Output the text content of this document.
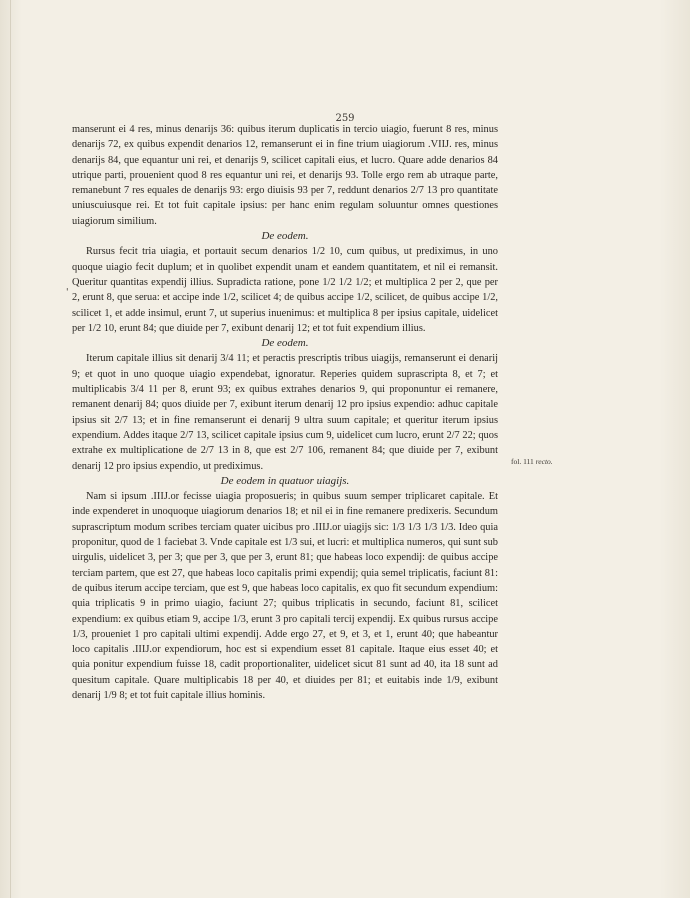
259
'

manserunt ei 4 res, minus denarijs 36: quibus iterum duplicatis in tercio uiagio, fuerunt 8 res, minus denarijs 72, ex quibus expendit denarios 12, remanserunt ei in fine trium uiagiorum .VIIJ. res, minus denarijs 84, que equantur uni rei, et denarijs 9, scilicet capitali eius, et lucro. Quare adde denarios 84 utrique parti, prouenient quod 8 res equantur uni rei, et denarijs 93. Tolle ergo rem ab utraque parte, remanebunt 7 res equales de denarijs 93: ergo diuisis 93 per 7, reddunt denarios 2/7 13 pro quantitate uniuscuiusque rei. Et tot fuit capitale ipsius: per hanc enim regulam soluuntur omnes questiones uiagiorum similium.

De eodem.

Rursus fecit tria uiagia, et portauit secum denarios 1/2 10, cum quibus, ut prediximus, in uno quoque uiagio fecit duplum; et in quolibet expendit unam et eandem quantitatem, et nil ei remansit. Queritur quantitas expendij illius. Supradicta ratione, pone 1/2 1/2 1/2; et multiplica 2 per 2, que per 2, erunt 8, que serua: et accipe inde 1/2, scilicet 4; de quibus accipe 1/2, scilicet, de quibus accipe 1/2, scilicet 1, et adde insimul, erunt 7, ut superius inuenimus: et multiplica 8 per ipsius capitale, uidelicet per 1/2 10, erunt 84; que diuide per 7, exibunt denarij 12; et tot fuit expendium illius.

De eodem.

Iterum capitale illius sit denarij 3/4 11; et peractis prescriptis tribus uiagijs, remanserunt ei denarij 9; et quot in uno quoque uiagio expendebat, ignoratur. Reperies quidem suprascripta 8, et 7; et multiplicabis 3/4 11 per 8, erunt 93; ex quibus extrahes denarios 9, qui proponuntur ei remanere, remanent denarij 84; quos diuide per 7, exibunt iterum denarij 12 pro ipsius expendio: adhuc capitale ipsius sit 2/7 13; et in fine remanserunt ei denarij 9 ultra suum capitale; et queritur iterum ipsius expendium. Addes itaque 2/7 13, scilicet capitale ipsius cum 9, uidelicet cum lucro, erunt 2/7 22; quos extrahe ex multiplicatione de 2/7 13 in 8, que est 2/7 106, remanent 84; que diuide per 7, exibunt denarij 12 pro ipsius expendio, ut prediximus.

De eodem in quatuor uiagijs.

Nam si ipsum .IIIJ.or fecisse uiagia proposueris; in quibus suum semper triplicaret capitale. Et inde expenderet in unoquoque uiagiorum denarios 18; et nil ei in fine remanere predixeris. Secundum suprascriptum modum scribes terciam quater uicibus pro .IIIJ.or uiagijs sic: 1/3 1/3 1/3 1/3. Ideo quia proponitur, quod de 1 faciebat 3. Vnde capitale est 1/3 sui, et lucri: et multiplica numeros, qui sunt sub uirgulis, uidelicet 3, per 3; que per 3, que per 3, erunt 81; que habeas loco expendij: de quibus accipe terciam partem, que est 27, que habeas loco capitalis primi expendij; quia semel triplicatis, faciunt 81: de quibus iterum accipe terciam, que est 9, que habeas loco capitalis, ex quo fit secundum expendium: quia triplicatis 9 in primo uiagio, faciunt 27; quibus triplicatis in secundo, faciunt 81, scilicet expendium: ex quibus etiam 9, accipe 1/3, erunt 3 pro capitali tercij expendij. Ex quibus rursus accipe 1/3, proueniet 1 pro capitali ultimi expendij. Adde ergo 27, et 9, et 3, et 1, erunt 40; que habeantur loco capitalis .IIIJ.or expendiorum, hoc est si expendium esset 81 capitale. Itaque eius esset 40; et quia ponitur expendium fuisse 18, cadit proportionaliter, uidelicet sicut 81 sunt ad 40, ita 18 sunt ad quesitum capitale. Quare multiplicabis 18 per 40, et diuides per 81; et euitabis inde 1/9, exibunt denarij 1/9 8; et tot fuit capitale illius hominis.

fol. 111 recto.
